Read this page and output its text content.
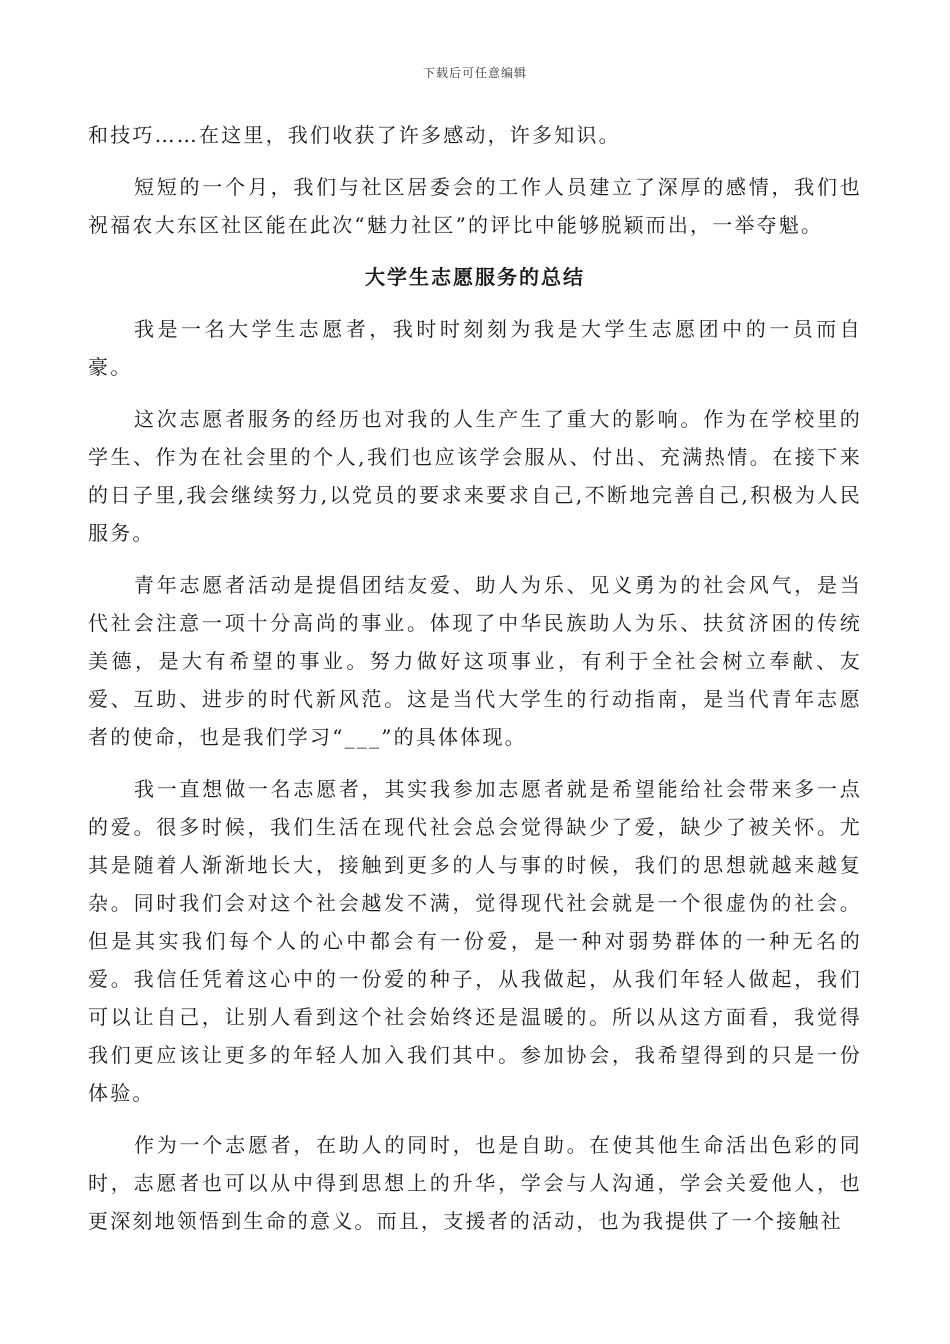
下载后可任意编辑

和技巧……在这里，我们收获了许多感动，许多知识。

短短的一个月，我们与社区居委会的工作人员建立了深厚的感情，我们也祝福农大东区社区能在此次“魅力社区”的评比中能够脱颖而出，一举夺魁。

大学生志愿服务的总结

我是一名大学生志愿者，我时时刻刻为我是大学生志愿团中的一员而自豪。

这次志愿者服务的经历也对我的人生产生了重大的影响。作为在学校里的学生、作为在社会里的个人,我们也应该学会服从、付出、充满热情。在接下来的日子里,我会继续努力,以党员的要求来要求自己,不断地完善自己,积极为人民服务。

青年志愿者活动是提倡团结友爱、助人为乐、见义勇为的社会风气，是当代社会注意一项十分高尚的事业。体现了中华民族助人为乐、扶贫济困的传统美德，是大有希望的事业。努力做好这项事业，有利于全社会树立奉献、友爱、互助、进步的时代新风范。这是当代大学生的行动指南，是当代青年志愿者的使命，也是我们学习“___”的具体体现。

我一直想做一名志愿者，其实我参加志愿者就是希望能给社会带来多一点的爱。很多时候，我们生活在现代社会总会觉得缺少了爱，缺少了被关怀。尤其是随着人渐渐地长大，接触到更多的人与事的时候，我们的思想就越来越复杂。同时我们会对这个社会越发不满，觉得现代社会就是一个很虚伪的社会。但是其实我们每个人的心中都会有一份爱，是一种对弱势群体的一种无名的爱。我信任凭着这心中的一份爱的种子，从我做起，从我们年轻人做起，我们可以让自己，让别人看到这个社会始终还是温暖的。所以从这方面看，我觉得我们更应该让更多的年轻人加入我们其中。参加协会，我希望得到的只是一份体验。

作为一个志愿者，在助人的同时，也是自助。在使其他生命活出色彩的同时，志愿者也可以从中得到思想上的升华，学会与人沟通，学会关爱他人，也更深刻地领悟到生命的意义。而且，支援者的活动，也为我提供了一个接触社
